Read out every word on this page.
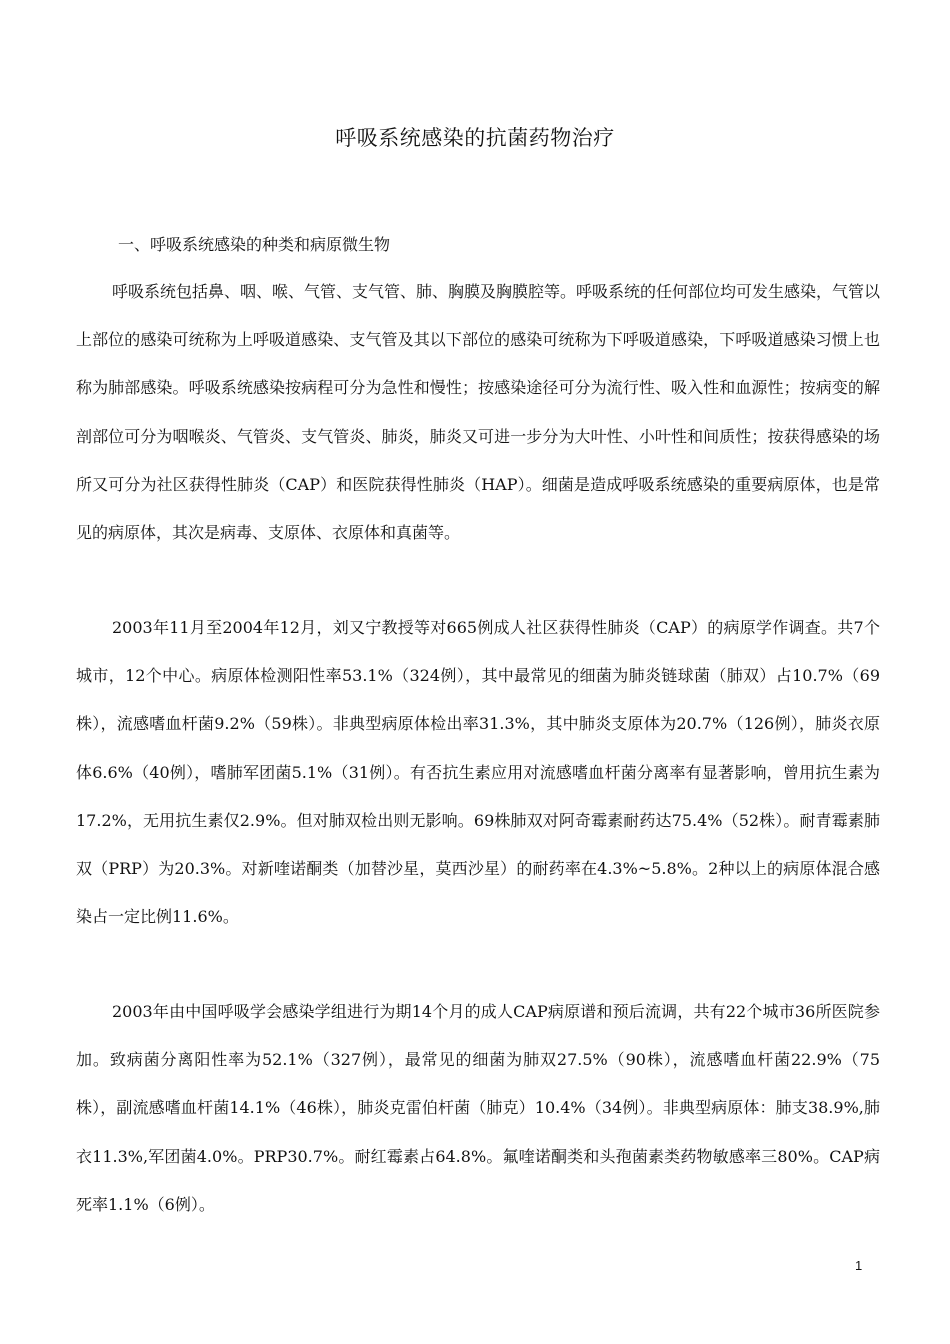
呼吸系统感染的抗菌药物治疗
一、呼吸系统感染的种类和病原微生物

呼吸系统包括鼻、咽、喉、气管、支气管、肺、胸膜及胸膜腔等。呼吸系统的任何部位均可发生感染，气管以上部位的感染可统称为上呼吸道感染、支气管及其以下部位的感染可统称为下呼吸道感染，下呼吸道感染习惯上也称为肺部感染。呼吸系统感染按病程可分为急性和慢性；按感染途径可分为流行性、吸入性和血源性；按病变的解剖部位可分为咽喉炎、气管炎、支气管炎、肺炎，肺炎又可进一步分为大叶性、小叶性和间质性；按获得感染的场所又可分为社区获得性肺炎（CAP）和医院获得性肺炎（HAP）。细菌是造成呼吸系统感染的重要病原体，也是常见的病原体，其次是病毒、支原体、衣原体和真菌等。

2003年11月至2004年12月，刘又宁教授等对665例成人社区获得性肺炎（CAP）的病原学作调查。共7个城市，12个中心。病原体检测阳性率53.1%（324例），其中最常见的细菌为肺炎链球菌（肺双）占10.7%（69株），流感嗜血杆菌9.2%（59株）。非典型病原体检出率31.3%，其中肺炎支原体为20.7%（126例），肺炎衣原体6.6%（40例），嗜肺军团菌5.1%（31例）。有否抗生素应用对流感嗜血杆菌分离率有显著影响，曾用抗生素为17.2%，无用抗生素仅2.9%。但对肺双检出则无影响。69株肺双对阿奇霉素耐药达75.4%（52株）。耐青霉素肺双（PRP）为20.3%。对新喹诺酮类（加替沙星，莫西沙星）的耐药率在4.3%~5.8%。2种以上的病原体混合感染占一定比例11.6%。

2003年由中国呼吸学会感染学组进行为期14个月的成人CAP病原谱和预后流调，共有22个城市36所医院参加。致病菌分离阳性率为52.1%（327例），最常见的细菌为肺双27.5%（90株），流感嗜血杆菌22.9%（75株），副流感嗜血杆菌14.1%（46株），肺炎克雷伯杆菌（肺克）10.4%（34例）。非典型病原体：肺支38.9%,肺衣11.3%,军团菌4.0%。PRP30.7%。耐红霉素占64.8%。氟喹诺酮类和头孢菌素类药物敏感率三80%。CAP病死率1.1%（6例）。

1
